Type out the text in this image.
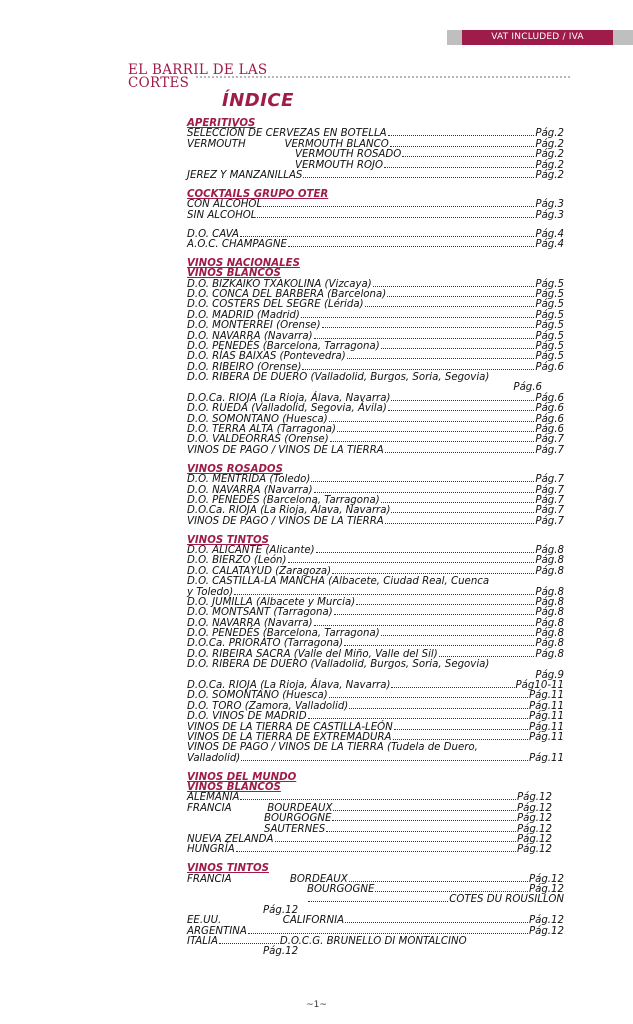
VAT INCLUDED / IVA
EL BARRIL DE LAS
CORTES
ÍNDICE
APERITIVOS
SELECCIÓN DE CERVEZAS EN BOTELLA	Pág.2
VERMOUTH            VERMOUTH BLANCO	Pág.2
VERMOUTH ROSADO	Pág.2
VERMOUTH ROJO	Pág.2
JEREZ Y MANZANILLAS	Pág.2
COCKTAILS GRUPO OTER
CON ALCOHOL	Pág.3
SIN ALCOHOL	Pág.3
D.O. CAVA	Pág.4
A.O.C. CHAMPAGNE	Pág.4
VINOS NACIONALES
VINOS BLANCOS
D.O. BIZKAIKO TXAKOLINA (Vizcaya)	Pág.5
D.O. CONCA DEL BARBERA (Barcelona)	Pág.5
D.O. COSTERS DEL SEGRE (Lérida)	Pág.5
D.O. MADRID (Madrid)	Pág.5
D.O. MONTERREI (Orense)	Pág.5
D.O. NAVARRA (Navarra)	Pág.5
D.O. PENEDÉS (Barcelona, Tarragona)	Pág.5
D.O. RÍAS BAIXAS (Pontevedra)	Pág.5
D.O. RIBEIRO (Orense)	Pág.6
D.O. RIBERA DE DUERO (Valladolid, Burgos, Soria, Segovia)
Pág.6
D.O.Ca. RIOJA (La Rioja, Álava, Navarra)	Pág.6
D.O. RUEDA (Valladolid, Segovia, Ávila)	Pág.6
D.O. SOMONTANO (Huesca)	Pág.6
D.O. TERRA ALTA (Tarragona)	Pág.6
D.O. VALDEORRAS (Orense)	Pág.7
VINOS DE PAGO / VINOS DE LA TIERRA	Pág.7
VINOS ROSADOS
D.O. MENTRIDA (Toledo)	Pág.7
D.O. NAVARRA (Navarra)	Pág.7
D.O. PENEDÉS (Barcelona, Tarragona)	Pág.7
D.O.Ca. RIOJA (La Rioja, Álava, Navarra)	Pág.7
VINOS DE PAGO / VINOS DE LA TIERRA	Pág.7
VINOS TINTOS
D.O. ALICANTE (Alicante)	Pág.8
D.O. BIERZO (León)	Pág.8
D.O. CALATAYUD (Zaragoza)	Pág.8
D.O. CASTILLA-LA MANCHA (Albacete, Ciudad Real, Cuenca
y Toledo)	Pág.8
D.O. JUMILLA (Albacete y Murcia)	Pág.8
D.O. MONTSANT (Tarragona)	Pág.8
D.O. NAVARRA (Navarra)	Pág.8
D.O. PENEDÉS (Barcelona, Tarragona)	Pág.8
D.O.Ca. PRIORATO (Tarragona)	Pág.8
D.O. RIBEIRA SACRA (Valle del Miño, Valle del Sil)	Pág.8
D.O. RIBERA DE DUERO (Valladolid, Burgos, Soria, Segovia)
Pág.9
D.O.Ca. RIOJA (La Rioja, Álava, Navarra)	Pág10-11
D.O. SOMONTANO (Huesca)	Pág.11
D.O. TORO (Zamora, Valladolid)	Pág.11
D.O. VINOS DE MADRID	Pág.11
VINOS DE LA TIERRA DE CASTILLA-LEÓN	Pág.11
VINOS DE LA TIERRA DE EXTREMADURA	Pág.11
VINOS DE PAGO / VINOS DE LA TIERRA (Tudela de Duero,
Valladolid)	Pág.11
VINOS DEL MUNDO
VINOS BLANCOS
ALEMANIA	Pág.12
FRANCIA           BOURDEAUX	Pág.12
BOURGOGNE	Pág.12
SAUTERNES	Pág.12
NUEVA ZELANDA	Pág.12
HUNGRÍA	Pág.12
VINOS TINTOS
FRANCIA                  BORDEAUX	Pág.12
BOURGOGNE	Pág.12
COTES DU ROUSILLON
Pág.12
EE.UU.                   CALIFORNIA	Pág.12
ARGENTINA	Pág.12
ITALIA	D.O.C.G. BRUNELLO DI MONTALCINO
Pág.12
~1~
